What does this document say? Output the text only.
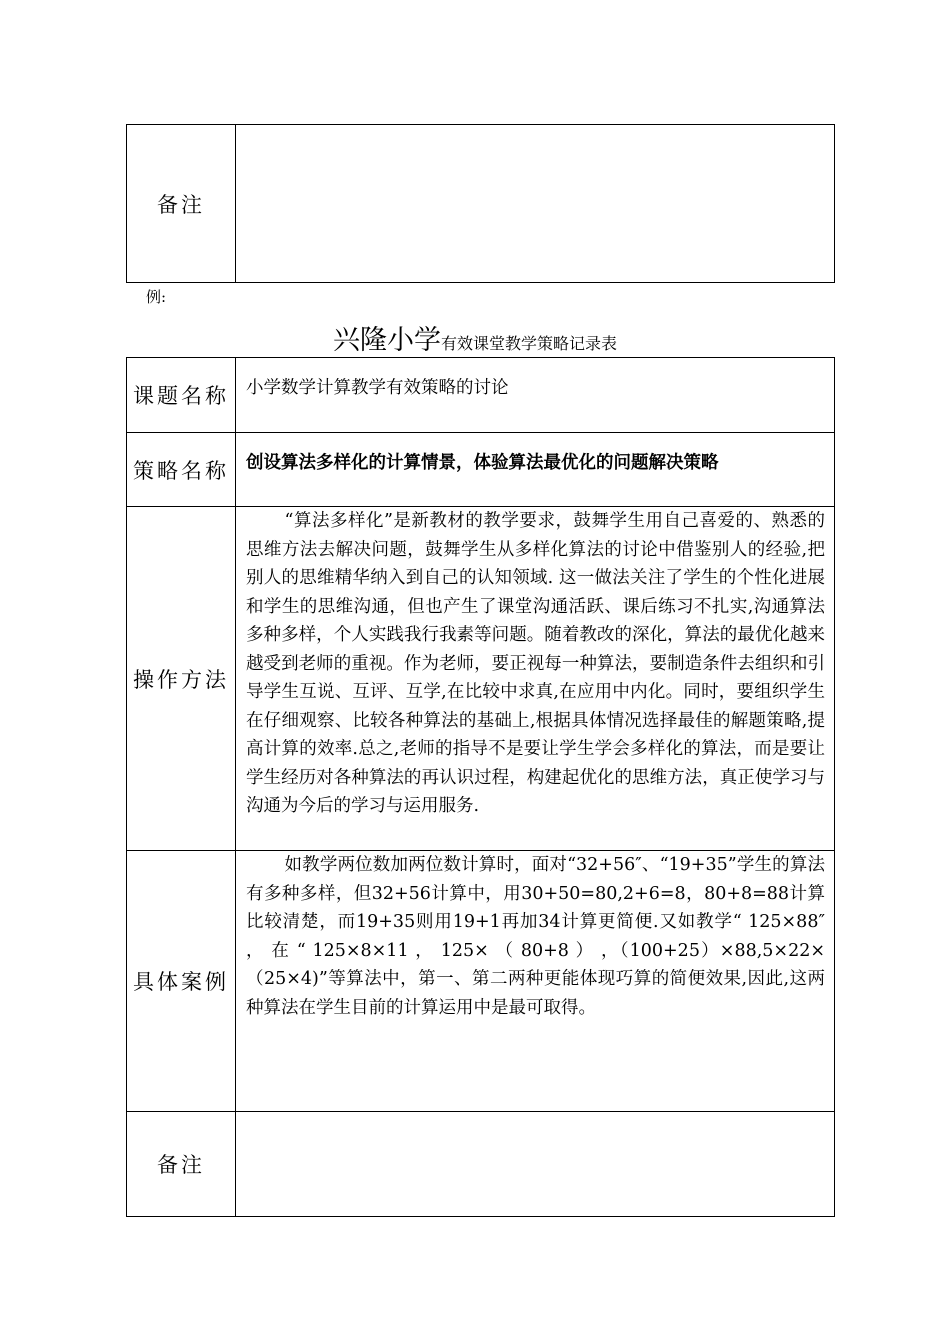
备注	
例:
兴隆小学有效课堂教学策略记录表
课题名称	小学数学计算教学有效策略的讨论

策略名称	创设算法多样化的计算情景，体验算法最优化的问题解决策略

操作方法	“算法多样化”是新教材的教学要求，鼓舞学生用自己喜爱的、熟悉的思维方法去解决问题，鼓舞学生从多样化算法的讨论中借鉴别人的经验,把别人的思维精华纳入到自己的认知领域. 这一做法关注了学生的个性化进展和学生的思维沟通，但也产生了课堂沟通活跃、课后练习不扎实,沟通算法多种多样，个人实践我行我素等问题。随着教改的深化，算法的最优化越来越受到老师的重视。作为老师，要正视每一种算法，要制造条件去组织和引导学生互说、互评、互学,在比较中求真,在应用中内化。同时，要组织学生在仔细观察、比较各种算法的基础上,根据具体情况选择最佳的解题策略,提高计算的效率.总之,老师的指导不是要让学生学会多样化的算法，而是要让学生经历对各种算法的再认识过程，构建起优化的思维方法，真正使学习与沟通为今后的学习与运用服务.

具体案例	如教学两位数加两位数计算时，面对“32+56″、“19+35”学生的算法有多种多样，但32+56计算中，用30+50=80,2+6=8，80+8=88计算比较清楚，而19+35则用19+1再加34计算更简便.又如教学“ 125×88″ ， 在 “ 125×8×11 ， 125× （ 80+8 ） ，（100+25）×88,5×22×（25×4)”等算法中，第一、第二两种更能体现巧算的简便效果,因此,这两种算法在学生目前的计算运用中是最可取得。

备注	
